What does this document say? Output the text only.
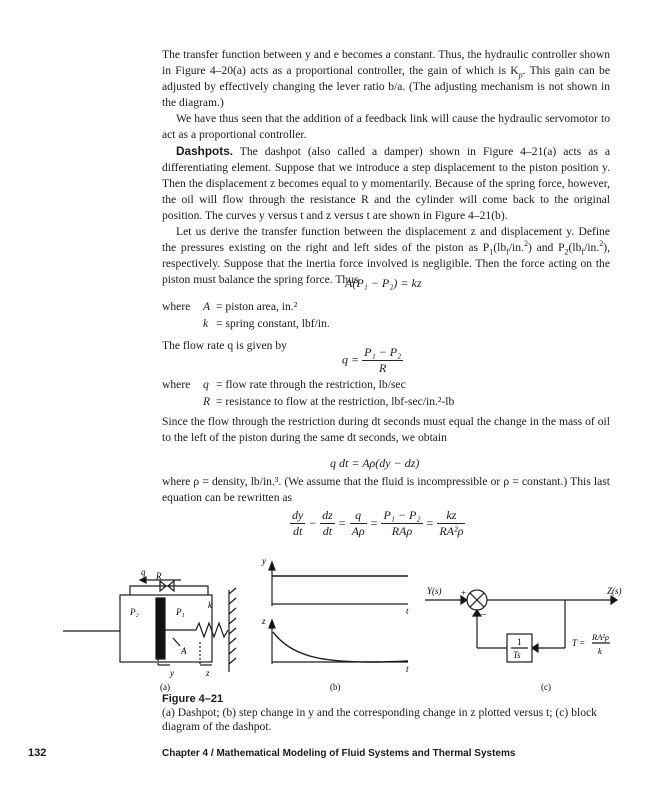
The transfer function between y and e becomes a constant. Thus, the hydraulic controller shown in Figure 4–20(a) acts as a proportional controller, the gain of which is $K_p$. This gain can be adjusted by effectively changing the lever ratio b/a. (The adjusting mechanism is not shown in the diagram.)

We have thus seen that the addition of a feedback link will cause the hydraulic servomotor to act as a proportional controller.

Dashpots. The dashpot (also called a damper) shown in Figure 4–21(a) acts as a differentiating element. Suppose that we introduce a step displacement to the piston position y. Then the displacement z becomes equal to y momentarily. Because of the spring force, however, the oil will flow through the resistance R and the cylinder will come back to the original position. The curves y versus t and z versus t are shown in Figure 4–21(b).

Let us derive the transfer function between the displacement z and displacement y. Define the pressures existing on the right and left sides of the piston as $P_1(lb_f/in.^2)$ and $P_2(lb_f/in.^2)$, respectively. Suppose that the inertia force involved is negligible. Then the force acting on the piston must balance the spring force. Thus

A(P₁ − P₂) = kz
where A = piston area, in.²
k = spring constant, lbf/in.
The flow rate q is given by
$q = \frac{\text{P₁ − P₂}}{R}$
where q = flow rate through the restriction, lb/sec
R = resistance to flow at the restriction, lbf-sec/in.²-lb
Since the flow through the restriction during dt seconds must equal the change in the mass of oil to the left of the piston during the same dt seconds, we obtain
q dt = Aρ(dy − dz)
where ρ = density, lb/in.³. (We assume that the fluid is incompressible or ρ = constant.) This last equation can be rewritten as
$\frac{dy}{dt} - \frac{dz}{dt} = \frac{q}{A\rho} = \frac{\text{P₁ − P₂}}{\text{RAρ}} = \frac{kz}{\text{RA²ρ}}$
q R
P₂	P₁
k
A
y	z
(a)
y
t
z
t
(b)
Y(s)	Z(s)
+
−
1
Ts
T =
RA²ρ
k
(c)
Figure 4–21
(a) Dashpot; (b) step change in y and the corresponding change in z plotted versus t; (c) block diagram of the dashpot.
132	Chapter 4 / Mathematical Modeling of Fluid Systems and Thermal Systems
